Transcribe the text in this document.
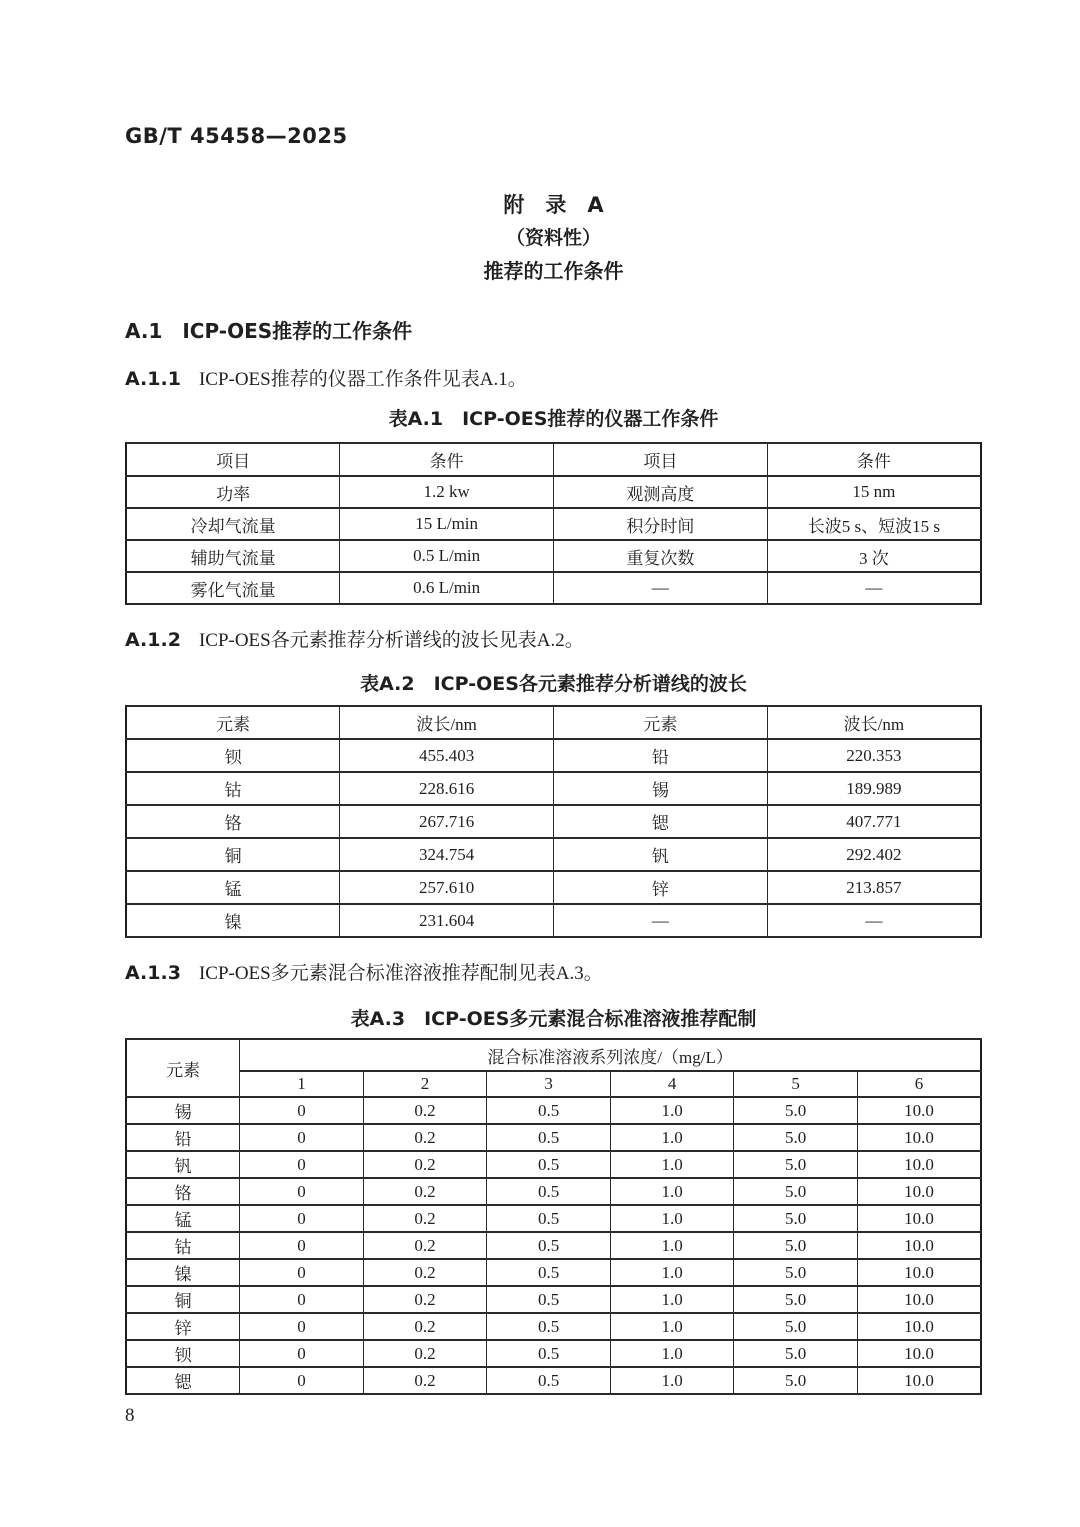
GB/T 45458—2025
附　录　A
（资料性）
推荐的工作条件
A.1　ICP-OES推荐的工作条件
A.1.1 ICP-OES推荐的仪器工作条件见表A.1。
表A.1　ICP-OES推荐的仪器工作条件
项目	条件	项目	条件
功率	1.2 kw	观测高度	15 nm
冷却气流量	15 L/min	积分时间	长波5 s、短波15 s
辅助气流量	0.5 L/min	重复次数	3 次
雾化气流量	0.6 L/min	—	—
A.1.2 ICP-OES各元素推荐分析谱线的波长见表A.2。
表A.2　ICP-OES各元素推荐分析谱线的波长
元素	波长/nm	元素	波长/nm
钡	455.403	铅	220.353
钴	228.616	锡	189.989
铬	267.716	锶	407.771
铜	324.754	钒	292.402
锰	257.610	锌	213.857
镍	231.604	—	—
A.1.3 ICP-OES多元素混合标准溶液推荐配制见表A.3。
表A.3　ICP-OES多元素混合标准溶液推荐配制
元素	混合标准溶液系列浓度/（mg/L）					
	1	2	3	4	5	6
锡	0	0.2	0.5	1.0	5.0	10.0
铅	0	0.2	0.5	1.0	5.0	10.0
钒	0	0.2	0.5	1.0	5.0	10.0
铬	0	0.2	0.5	1.0	5.0	10.0
锰	0	0.2	0.5	1.0	5.0	10.0
钴	0	0.2	0.5	1.0	5.0	10.0
镍	0	0.2	0.5	1.0	5.0	10.0
铜	0	0.2	0.5	1.0	5.0	10.0
锌	0	0.2	0.5	1.0	5.0	10.0
钡	0	0.2	0.5	1.0	5.0	10.0
锶	0	0.2	0.5	1.0	5.0	10.0
8
